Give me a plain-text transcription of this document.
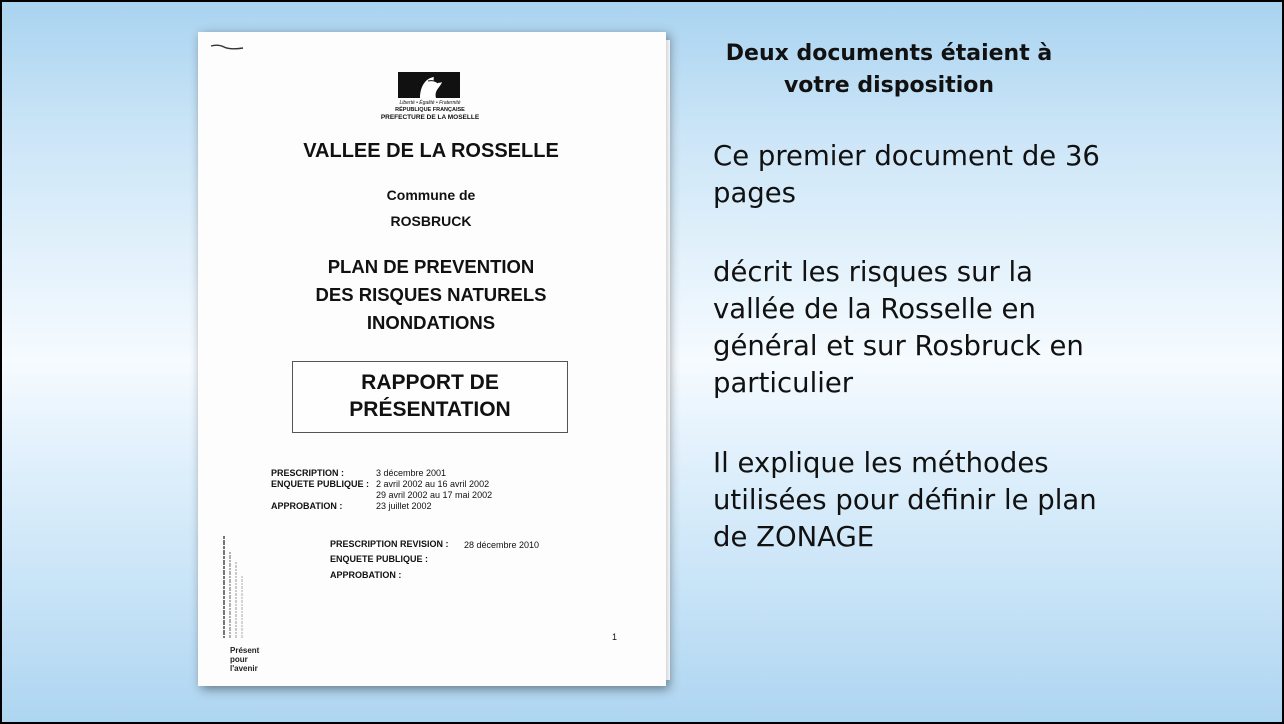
Liberté • Égalité • Fraternité
RÉPUBLIQUE FRANÇAISE
PREFECTURE DE LA MOSELLE
VALLEE DE LA ROSSELLE
Commune de
ROSBRUCK
PLAN DE PREVENTION
DES RISQUES NATURELS
INONDATIONS
RAPPORT DE
PRÉSENTATION
PRESCRIPTION :	3 décembre 2001
ENQUETE PUBLIQUE : 2 avril 2002 au 16 avril 2002
29 avril 2002 au 17 mai 2002
APPROBATION :	23 juillet 2002
PRESCRIPTION REVISION : 28 décembre 2010
ENQUETE PUBLIQUE :
APPROBATION :
Présent
pour
l'avenir
1
Deux documents étaient à votre disposition
Ce premier document de 36 pages
décrit les risques sur la vallée de la Rosselle en général et sur Rosbruck en particulier
Il explique les méthodes utilisées pour définir le plan de ZONAGE
